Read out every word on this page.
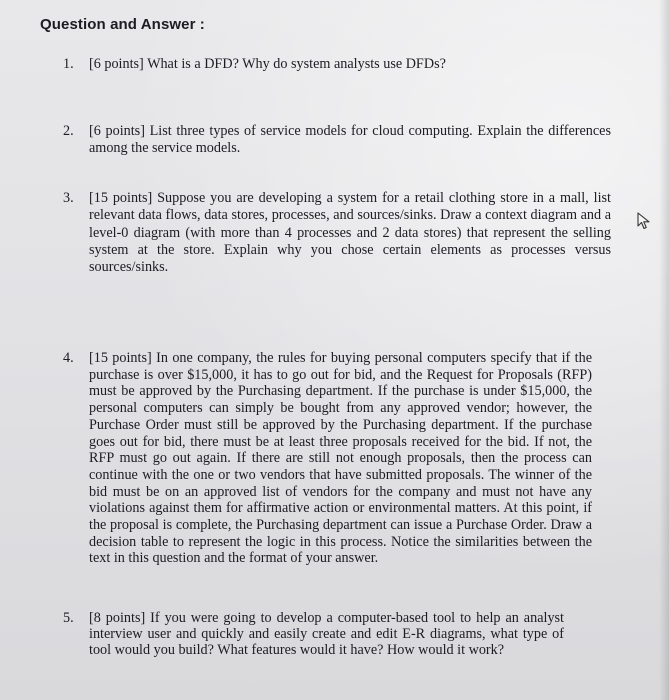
Question and Answer :
1.	[6 points] What is a DFD? Why do system analysts use DFDs?
2.	[6 points] List three types of service models for cloud computing. Explain the differences among the service models.
3.	[15 points] Suppose you are developing a system for a retail clothing store in a mall, list relevant data flows, data stores, processes, and sources/sinks. Draw a context diagram and a level-0 diagram (with more than 4 processes and 2 data stores) that represent the selling system at the store. Explain why you chose certain elements as processes versus sources/sinks.
4.	[15 points] In one company, the rules for buying personal computers specify that if the purchase is over $15,000, it has to go out for bid, and the Request for Proposals (RFP) must be approved by the Purchasing department. If the purchase is under $15,000, the personal computers can simply be bought from any approved vendor; however, the Purchase Order must still be approved by the Purchasing department. If the purchase goes out for bid, there must be at least three proposals received for the bid. If not, the RFP must go out again. If there are still not enough proposals, then the process can continue with the one or two vendors that have submitted proposals. The winner of the bid must be on an approved list of vendors for the company and must not have any violations against them for affirmative action or environmental matters. At this point, if the proposal is complete, the Purchasing department can issue a Purchase Order. Draw a decision table to represent the logic in this process. Notice the similarities between the text in this question and the format of your answer.
5.	[8 points] If you were going to develop a computer-based tool to help an analyst interview user and quickly and easily create and edit E-R diagrams, what type of tool would you build? What features would it have? How would it work?
